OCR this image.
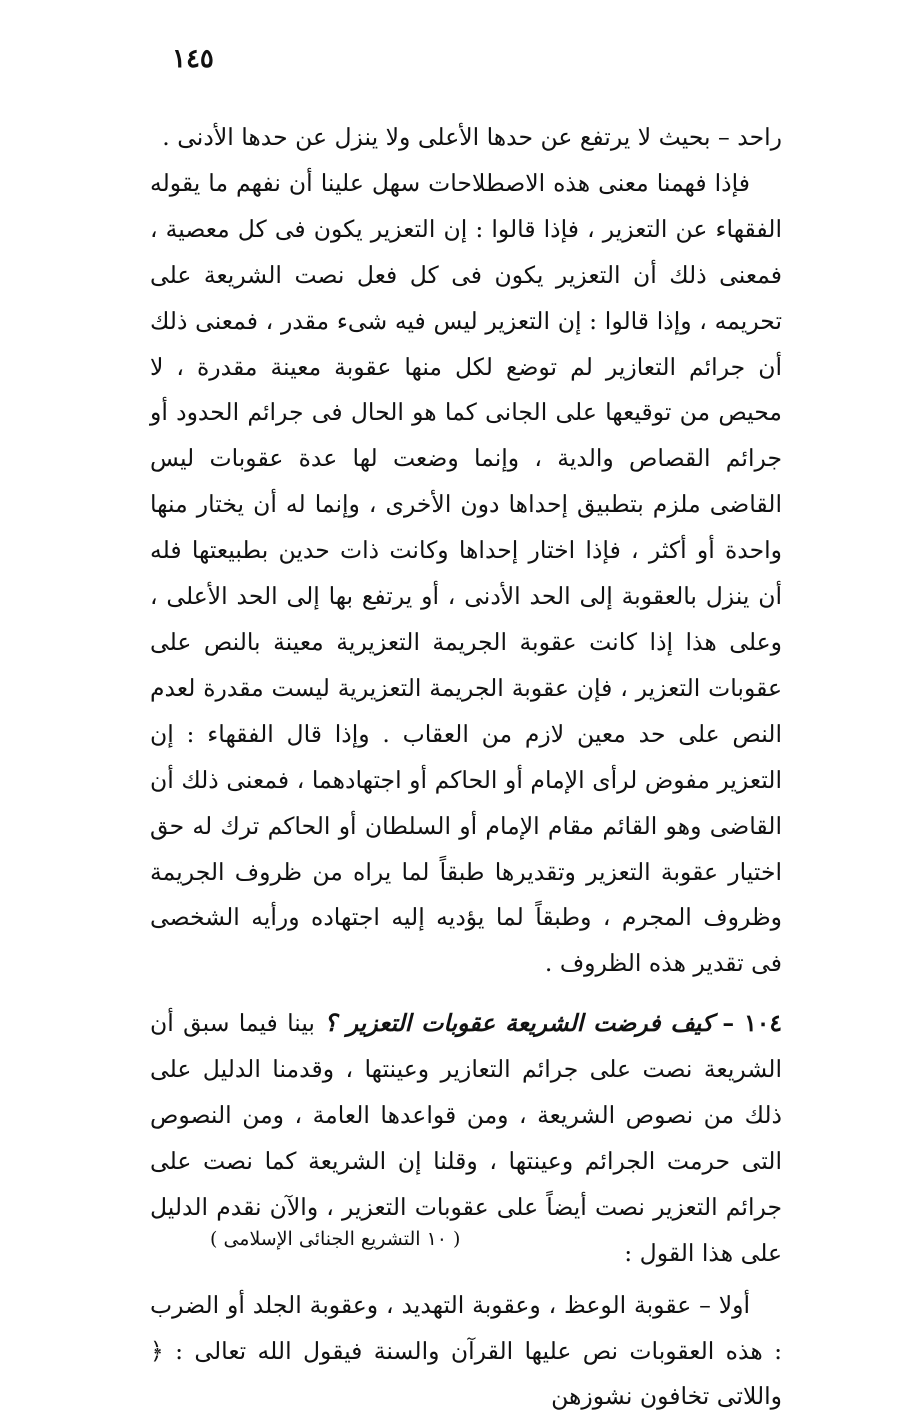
١٤٥

راحد – بحيث لا يرتفع عن حدها الأعلى ولا ينزل عن حدها الأدنى .

فإذا فهمنا معنى هذه الاصطلاحات سهل علينا أن نفهم ما يقوله الفقهاء عن التعزير ، فإذا قالوا : إن التعزير يكون فى كل معصية ، فمعنى ذلك أن التعزير يكون فى كل فعل نصت الشريعة على تحريمه ، وإذا قالوا : إن التعزير ليس فيه شىء مقدر ، فمعنى ذلك أن جرائم التعازير لم توضع لكل منها عقوبة معينة مقدرة ، لا محيص من توقيعها على الجانى كما هو الحال فى جرائم الحدود أو جرائم القصاص والدية ، وإنما وضعت لها عدة عقوبات ليس القاضى ملزم بتطبيق إحداها دون الأخرى ، وإنما له أن يختار منها واحدة أو أكثر ، فإذا اختار إحداها وكانت ذات حدين بطبيعتها فله أن ينزل بالعقوبة إلى الحد الأدنى ، أو يرتفع بها إلى الحد الأعلى ، وعلى هذا إذا كانت عقوبة الجريمة التعزيرية معينة بالنص على عقوبات التعزير ، فإن عقوبة الجريمة التعزيرية ليست مقدرة لعدم النص على حد معين لازم من العقاب . وإذا قال الفقهاء : إن التعزير مفوض لرأى الإمام أو الحاكم أو اجتهادهما ، فمعنى ذلك أن القاضى وهو القائم مقام الإمام أو السلطان أو الحاكم ترك له حق اختيار عقوبة التعزير وتقديرها طبقاً لما يراه من ظروف الجريمة وظروف المجرم ، وطبقاً لما يؤديه إليه اجتهاده ورأيه الشخصى فى تقدير هذه الظروف .

١٠٤ – كيف فرضت الشريعة عقوبات التعزير ؟ بينا فيما سبق أن الشريعة نصت على جرائم التعازير وعينتها ، وقدمنا الدليل على ذلك من نصوص الشريعة ، ومن قواعدها العامة ، ومن النصوص التى حرمت الجرائم وعينتها ، وقلنا إن الشريعة كما نصت على جرائم التعزير نصت أيضاً على عقوبات التعزير ، والآن نقدم الدليل على هذا القول :

أولا – عقوبة الوعظ ، وعقوبة التهديد ، وعقوبة الجلد أو الضرب : هذه العقوبات نص عليها القرآن والسنة فيقول الله تعالى : ﴿ واللاتى تخافون نشوزهن

( ١٠ التشريع الجنائى الإسلامى )
